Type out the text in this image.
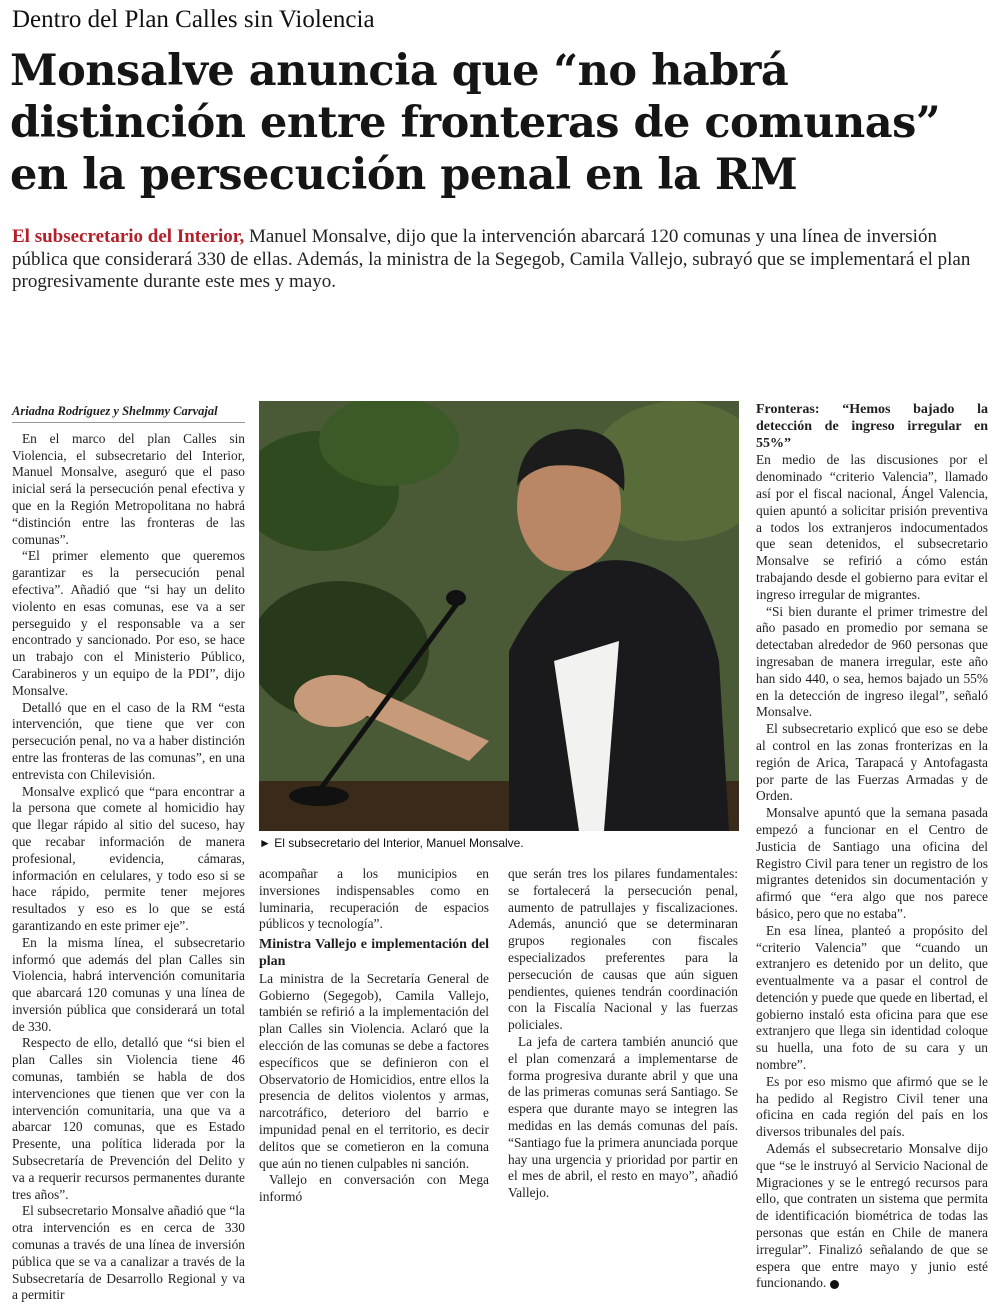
Dentro del Plan Calles sin Violencia
Monsalve anuncia que “no habrá distinción entre fronteras de comunas” en la persecución penal en la RM
El subsecretario del Interior, Manuel Monsalve, dijo que la intervención abarcará 120 comunas y una línea de inversión pública que considerará 330 de ellas. Además, la ministra de la Segegob, Camila Vallejo, subrayó que se implementará el plan progresivamente durante este mes y mayo.

Ariadna Rodríguez y Shelmmy Carvajal

En el marco del plan Calles sin Violencia, el subsecretario del Interior, Manuel Monsalve, aseguró que el paso inicial será la persecución penal efectiva y que en la Región Metropolitana no habrá “distinción entre las fronteras de las comunas”.

“El primer elemento que queremos garantizar es la persecución penal efectiva”. Añadió que “si hay un delito violento en esas comunas, ese va a ser perseguido y el responsable va a ser encontrado y sancionado. Por eso, se hace un trabajo con el Ministerio Público, Carabineros y un equipo de la PDI”, dijo Monsalve.

Detalló que en el caso de la RM “esta intervención, que tiene que ver con persecución penal, no va a haber distinción entre las fronteras de las comunas”, en una entrevista con Chilevisión.

Monsalve explicó que “para encontrar a la persona que comete al homicidio hay que llegar rápido al sitio del suceso, hay que recabar información de manera profesional, evidencia, cámaras, información en celulares, y todo eso si se hace rápido, permite tener mejores resultados y eso es lo que se está garantizando en este primer eje”.

En la misma línea, el subsecretario informó que además del plan Calles sin Violencia, habrá intervención comunitaria que abarcará 120 comunas y una línea de inversión pública que considerará un total de 330.

Respecto de ello, detalló que “si bien el plan Calles sin Violencia tiene 46 comunas, también se habla de dos intervenciones que tienen que ver con la intervención comunitaria, una que va a abarcar 120 comunas, que es Estado Presente, una política liderada por la Subsecretaría de Prevención del Delito y va a requerir recursos permanentes durante tres años”.

El subsecretario Monsalve añadió que “la otra intervención es en cerca de 330 comunas a través de una línea de inversión pública que se va a canalizar a través de la Subsecretaría de Desarrollo Regional y va a permitir

► El subsecretario del Interior, Manuel Monsalve.

acompañar a los municipios en inversiones indispensables como en luminaria, recuperación de espacios públicos y tecnología”.

Ministra Vallejo e implementación del plan

La ministra de la Secretaría General de Gobierno (Segegob), Camila Vallejo, también se refirió a la implementación del plan Calles sin Violencia. Aclaró que la elección de las comunas se debe a factores específicos que se definieron con el Observatorio de Homicidios, entre ellos la presencia de delitos violentos y armas, narcotráfico, deterioro del barrio e impunidad penal en el territorio, es decir delitos que se cometieron en la comuna que aún no tienen culpables ni sanción.

Vallejo en conversación con Mega informó

que serán tres los pilares fundamentales: se fortalecerá la persecución penal, aumento de patrullajes y fiscalizaciones. Además, anunció que se determinaran grupos regionales con fiscales especializados preferentes para la persecución de causas que aún siguen pendientes, quienes tendrán coordinación con la Fiscalía Nacional y las fuerzas policiales.

La jefa de cartera también anunció que el plan comenzará a implementarse de forma progresiva durante abril y que una de las primeras comunas será Santiago. Se espera que durante mayo se integren las medidas en las demás comunas del país. “Santiago fue la primera anunciada porque hay una urgencia y prioridad por partir en el mes de abril, el resto en mayo”, añadió Vallejo.

Fronteras: “Hemos bajado la detección de ingreso irregular en 55%”

En medio de las discusiones por el denominado “criterio Valencia”, llamado así por el fiscal nacional, Ángel Valencia, quien apuntó a solicitar prisión preventiva a todos los extranjeros indocumentados que sean detenidos, el subsecretario Monsalve se refirió a cómo están trabajando desde el gobierno para evitar el ingreso irregular de migrantes.

“Si bien durante el primer trimestre del año pasado en promedio por semana se detectaban alrededor de 960 personas que ingresaban de manera irregular, este año han sido 440, o sea, hemos bajado un 55% en la detección de ingreso ilegal”, señaló Monsalve.

El subsecretario explicó que eso se debe al control en las zonas fronterizas en la región de Arica, Tarapacá y Antofagasta por parte de las Fuerzas Armadas y de Orden.

Monsalve apuntó que la semana pasada empezó a funcionar en el Centro de Justicia de Santiago una oficina del Registro Civil para tener un registro de los migrantes detenidos sin documentación y afirmó que “era algo que nos parece básico, pero que no estaba”.

En esa línea, planteó a propósito del “criterio Valencia” que “cuando un extranjero es detenido por un delito, que eventualmente va a pasar el control de detención y puede que quede en libertad, el gobierno instaló esta oficina para que ese extranjero que llega sin identidad coloque su huella, una foto de su cara y un nombre”.

Es por eso mismo que afirmó que se le ha pedido al Registro Civil tener una oficina en cada región del país en los diversos tribunales del país.

Además el subsecretario Monsalve dijo que “se le instruyó al Servicio Nacional de Migraciones y se le entregó recursos para ello, que contraten un sistema que permita de identificación biométrica de todas las personas que están en Chile de manera irregular”. Finalizó señalando de que se espera que entre mayo y junio esté funcionando.
